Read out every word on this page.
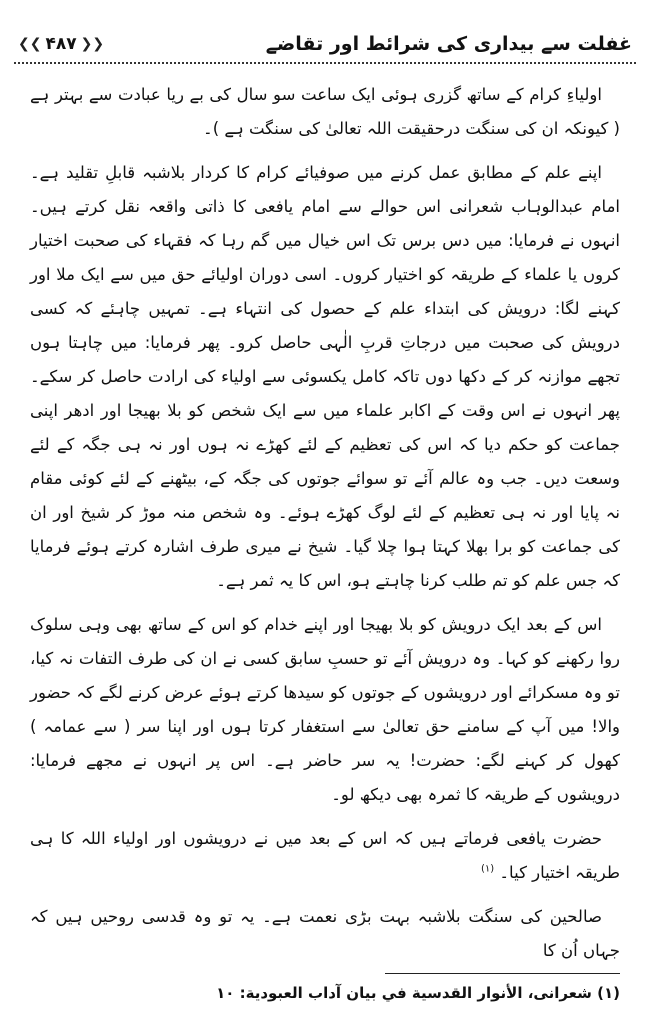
❮❮ ۴۸۷ ❯❯	غفلت سے بیداری کی شرائط اور تقاضے

اولیاءِ کرام کے ساتھ گزری ہوئی ایک ساعت سو سال کی بے ریا عبادت سے بہتر ہے ( کیونکہ ان کی سنگت درحقیقت اللہ تعالیٰ کی سنگت ہے )۔

اپنے علم کے مطابق عمل کرنے میں صوفیائے کرام کا کردار بلاشبہ قابلِ تقلید ہے۔ امام عبدالوہاب شعرانی اس حوالے سے امام یافعی کا ذاتی واقعہ نقل کرتے ہیں۔ انہوں نے فرمایا: میں دس برس تک اس خیال میں گم رہا کہ فقہاء کی صحبت اختیار کروں یا علماء کے طریقہ کو اختیار کروں۔ اسی دوران اولیائے حق میں سے ایک ملا اور کہنے لگا: درویش کی ابتداء علم کے حصول کی انتہاء ہے۔ تمہیں چاہئے کہ کسی درویش کی صحبت میں درجاتِ قربِ الٰہی حاصل کرو۔ پھر فرمایا: میں چاہتا ہوں تجھے موازنہ کر کے دکھا دوں تاکہ کامل یکسوئی سے اولیاء کی ارادت حاصل کر سکے۔ پھر انہوں نے اس وقت کے اکابر علماء میں سے ایک شخص کو بلا بھیجا اور ادھر اپنی جماعت کو حکم دیا کہ اس کی تعظیم کے لئے کھڑے نہ ہوں اور نہ ہی جگہ کے لئے وسعت دیں۔ جب وہ عالم آئے تو سوائے جوتوں کی جگہ کے، بیٹھنے کے لئے کوئی مقام نہ پایا اور نہ ہی تعظیم کے لئے لوگ کھڑے ہوئے۔ وہ شخص منہ موڑ کر شیخ اور ان کی جماعت کو برا بھلا کہتا ہوا چلا گیا۔ شیخ نے میری طرف اشارہ کرتے ہوئے فرمایا کہ جس علم کو تم طلب کرنا چاہتے ہو، اس کا یہ ثمر ہے۔

اس کے بعد ایک درویش کو بلا بھیجا اور اپنے خدام کو اس کے ساتھ بھی وہی سلوک روا رکھنے کو کہا۔ وہ درویش آئے تو حسبِ سابق کسی نے ان کی طرف التفات نہ کیا، تو وہ مسکرائے اور درویشوں کے جوتوں کو سیدھا کرتے ہوئے عرض کرنے لگے کہ حضور والا! میں آپ کے سامنے حق تعالیٰ سے استغفار کرتا ہوں اور اپنا سر ( سے عمامہ ) کھول کر کہنے لگے: حضرت! یہ سر حاضر ہے۔ اس پر انہوں نے مجھے فرمایا: درویشوں کے طریقہ کا ثمرہ بھی دیکھ لو۔

حضرت یافعی فرماتے ہیں کہ اس کے بعد میں نے درویشوں اور اولیاء اللہ کا ہی طریقہ اختیار کیا۔ $^{(۱)}$

صالحین کی سنگت بلاشبہ بہت بڑی نعمت ہے۔ یہ تو وہ قدسی روحیں ہیں کہ جہاں اُن کا

(۱) شعرانی، الأنوار القدسية في بيان آداب العبودية: ۱۰
